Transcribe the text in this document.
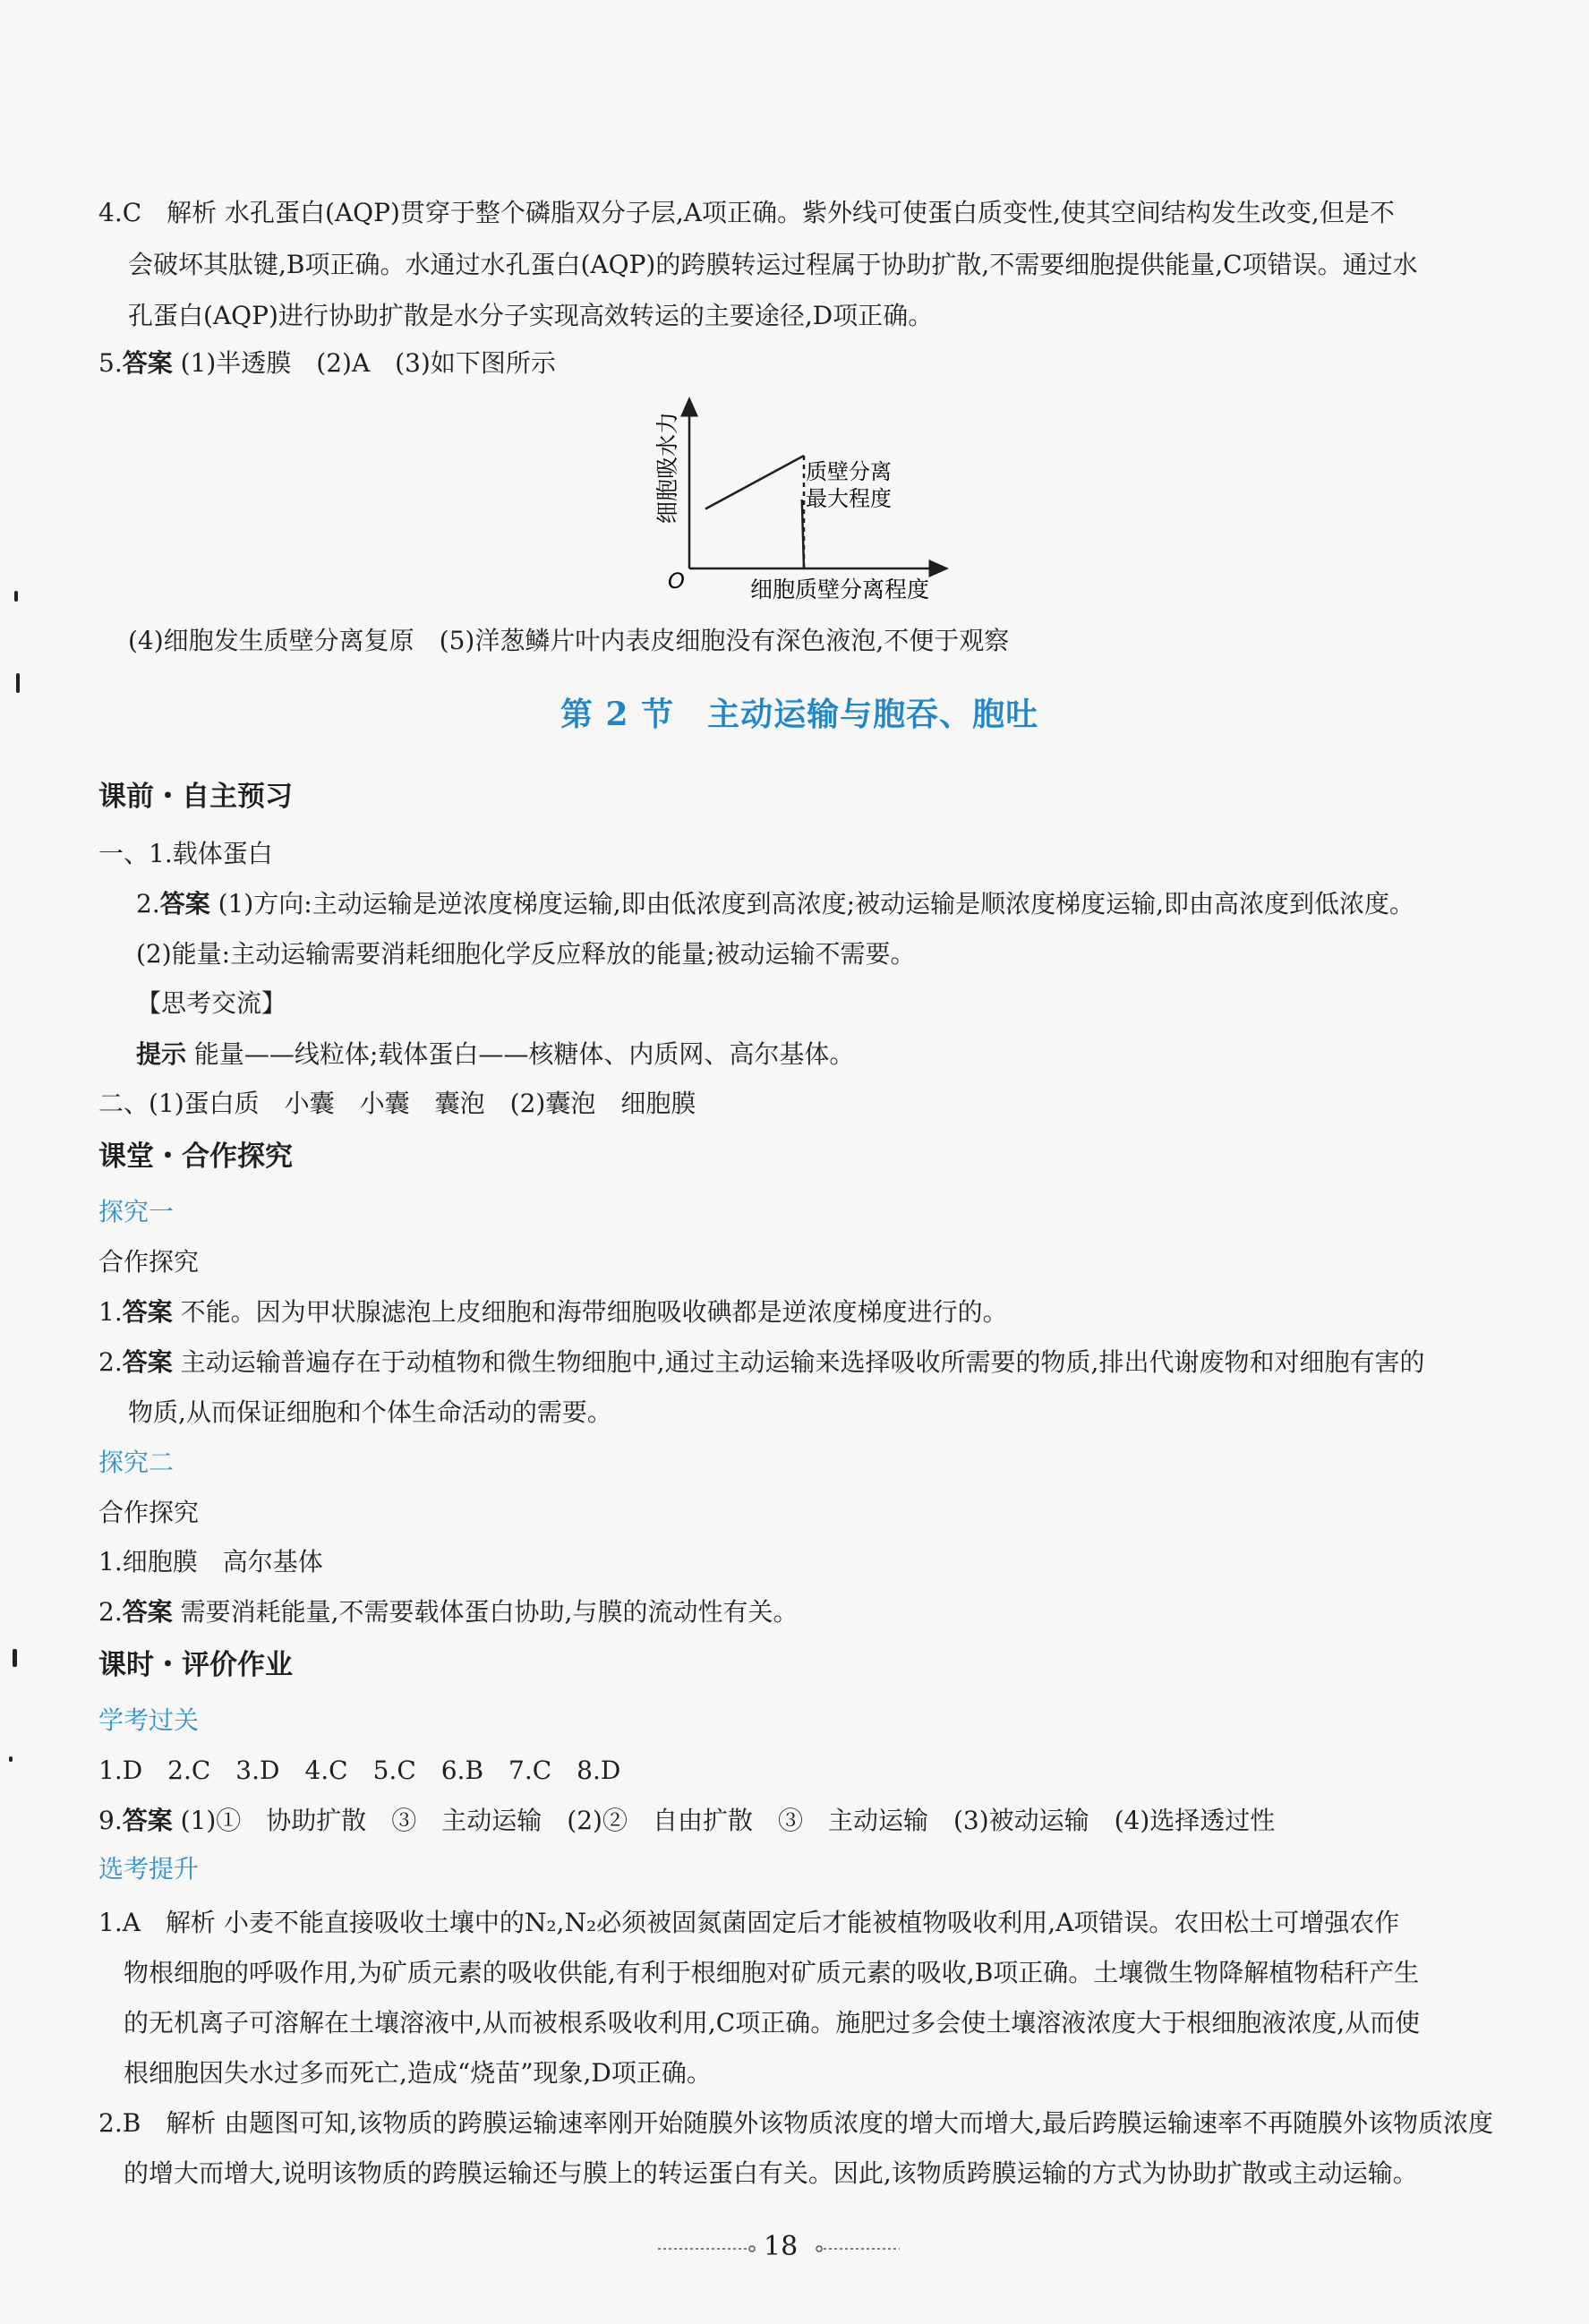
4.C　解析 水孔蛋白(AQP)贯穿于整个磷脂双分子层,A项正确。紫外线可使蛋白质变性,使其空间结构发生改变,但是不
会破坏其肽键,B项正确。水通过水孔蛋白(AQP)的跨膜转运过程属于协助扩散,不需要细胞提供能量,C项错误。通过水
孔蛋白(AQP)进行协助扩散是水分子实现高效转运的主要途径,D项正确。
5.答案 (1)半透膜　(2)A　(3)如下图所示
细胞吸水力
细胞质壁分离程度
O
质壁分离
最大程度
(4)细胞发生质壁分离复原　(5)洋葱鳞片叶内表皮细胞没有深色液泡,不便于观察
第 2 节　主动运输与胞吞、胞吐
课前・自主预习
一、1.载体蛋白
2.答案 (1)方向:主动运输是逆浓度梯度运输,即由低浓度到高浓度;被动运输是顺浓度梯度运输,即由高浓度到低浓度。
(2)能量:主动运输需要消耗细胞化学反应释放的能量;被动运输不需要。
【思考交流】
提示 能量——线粒体;载体蛋白——核糖体、内质网、高尔基体。
二、(1)蛋白质　小囊　小囊　囊泡　(2)囊泡　细胞膜
课堂・合作探究
探究一
合作探究
1.答案 不能。因为甲状腺滤泡上皮细胞和海带细胞吸收碘都是逆浓度梯度进行的。
2.答案 主动运输普遍存在于动植物和微生物细胞中,通过主动运输来选择吸收所需要的物质,排出代谢废物和对细胞有害的
物质,从而保证细胞和个体生命活动的需要。
探究二
合作探究
1.细胞膜　高尔基体
2.答案 需要消耗能量,不需要载体蛋白协助,与膜的流动性有关。
课时・评价作业
学考过关
1.D　2.C　3.D　4.C　5.C　6.B　7.C　8.D
9.答案 (1)①　协助扩散　③　主动运输　(2)②　自由扩散　③　主动运输　(3)被动运输　(4)选择透过性
选考提升
1.A　解析 小麦不能直接吸收土壤中的N₂,N₂必须被固氮菌固定后才能被植物吸收利用,A项错误。农田松土可增强农作
物根细胞的呼吸作用,为矿质元素的吸收供能,有利于根细胞对矿质元素的吸收,B项正确。土壤微生物降解植物秸秆产生
的无机离子可溶解在土壤溶液中,从而被根系吸收利用,C项正确。施肥过多会使土壤溶液浓度大于根细胞液浓度,从而使
根细胞因失水过多而死亡,造成“烧苗”现象,D项正确。
2.B　解析 由题图可知,该物质的跨膜运输速率刚开始随膜外该物质浓度的增大而增大,最后跨膜运输速率不再随膜外该物质浓度
的增大而增大,说明该物质的跨膜运输还与膜上的转运蛋白有关。因此,该物质跨膜运输的方式为协助扩散或主动运输。
18
